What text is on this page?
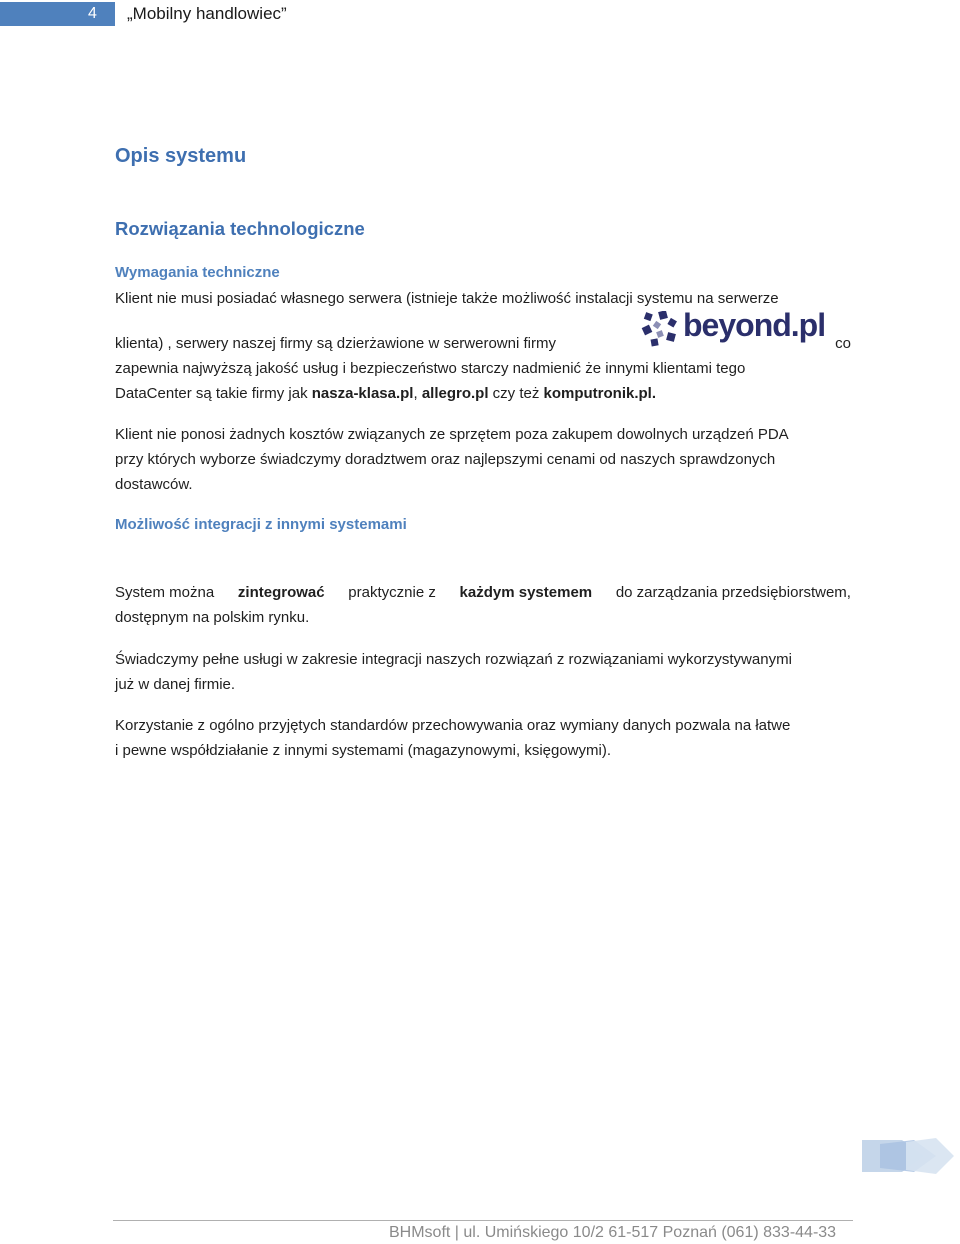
4	„Mobilny handlowiec”
Opis systemu
Rozwiązania technologiczne
Wymagania techniczne
Klient nie musi posiadać własnego serwera (istnieje także możliwość instalacji systemu na serwerze
klienta) , serwery naszej firmy są dzierżawione w serwerowni firmy	co
zapewnia najwyższą jakość usług i bezpieczeństwo starczy nadmienić że innymi klientami tego
DataCenter są takie firmy jak nasza-klasa.pl, allegro.pl czy też komputronik.pl.
beyond.pl
Klient nie ponosi żadnych kosztów związanych ze sprzętem poza zakupem dowolnych urządzeń PDA
przy których wyborze świadczymy doradztwem oraz najlepszymi cenami od naszych sprawdzonych
dostawców.
Możliwość integracji z innymi systemami
System można zintegrować praktycznie z każdym systemem do zarządzania przedsiębiorstwem,
dostępnym na polskim rynku.
Świadczymy pełne usługi w zakresie integracji naszych rozwiązań z rozwiązaniami wykorzystywanymi
już w danej firmie.
Korzystanie z ogólno przyjętych standardów przechowywania oraz wymiany danych pozwala na łatwe
i pewne współdziałanie z innymi systemami (magazynowymi, księgowymi).
BHMsoft | ul. Umińskiego 10/2 61-517 Poznań (061) 833-44-33
